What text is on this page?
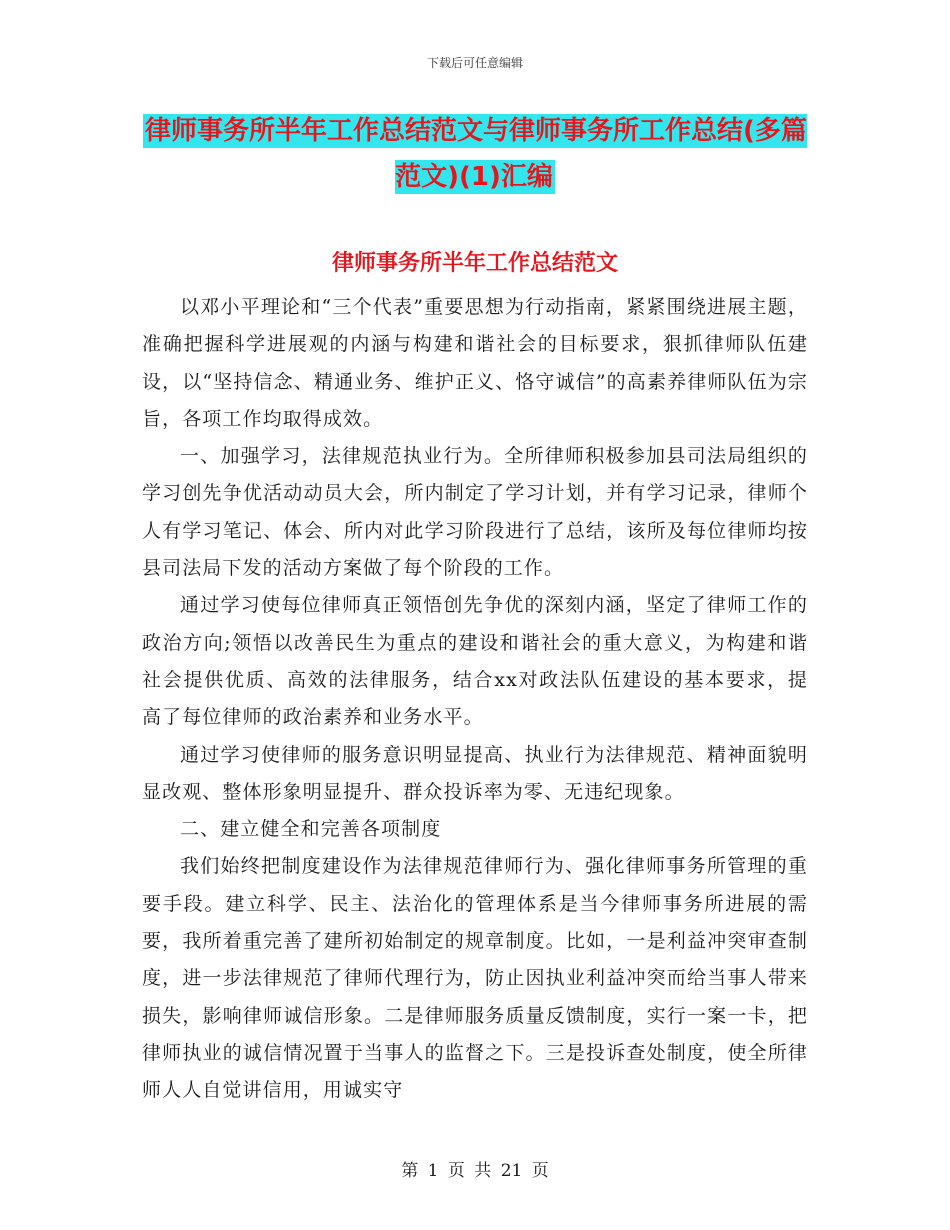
下载后可任意编辑
律师事务所半年工作总结范文与律师事务所工作总结(多篇范文)(1)汇编
律师事务所半年工作总结范文

以邓小平理论和“三个代表”重要思想为行动指南，紧紧围绕进展主题，准确把握科学进展观的内涵与构建和谐社会的目标要求，狠抓律师队伍建设，以“坚持信念、精通业务、维护正义、恪守诚信”的高素养律师队伍为宗旨，各项工作均取得成效。

一、加强学习，法律规范执业行为。全所律师积极参加县司法局组织的学习创先争优活动动员大会，所内制定了学习计划，并有学习记录，律师个人有学习笔记、体会、所内对此学习阶段进行了总结，该所及每位律师均按县司法局下发的活动方案做了每个阶段的工作。

通过学习使每位律师真正领悟创先争优的深刻内涵，坚定了律师工作的政治方向;领悟以改善民生为重点的建设和谐社会的重大意义，为构建和谐社会提供优质、高效的法律服务，结合xx对政法队伍建设的基本要求，提高了每位律师的政治素养和业务水平。

通过学习使律师的服务意识明显提高、执业行为法律规范、精神面貌明显改观、整体形象明显提升、群众投诉率为零、无违纪现象。

二、建立健全和完善各项制度

我们始终把制度建设作为法律规范律师行为、强化律师事务所管理的重要手段。建立科学、民主、法治化的管理体系是当今律师事务所进展的需要，我所着重完善了建所初始制定的规章制度。比如，一是利益冲突审查制度，进一步法律规范了律师代理行为，防止因执业利益冲突而给当事人带来损失，影响律师诚信形象。二是律师服务质量反馈制度，实行一案一卡，把律师执业的诚信情况置于当事人的监督之下。三是投诉查处制度，使全所律师人人自觉讲信用，用诚实守

第 1 页 共 21 页
